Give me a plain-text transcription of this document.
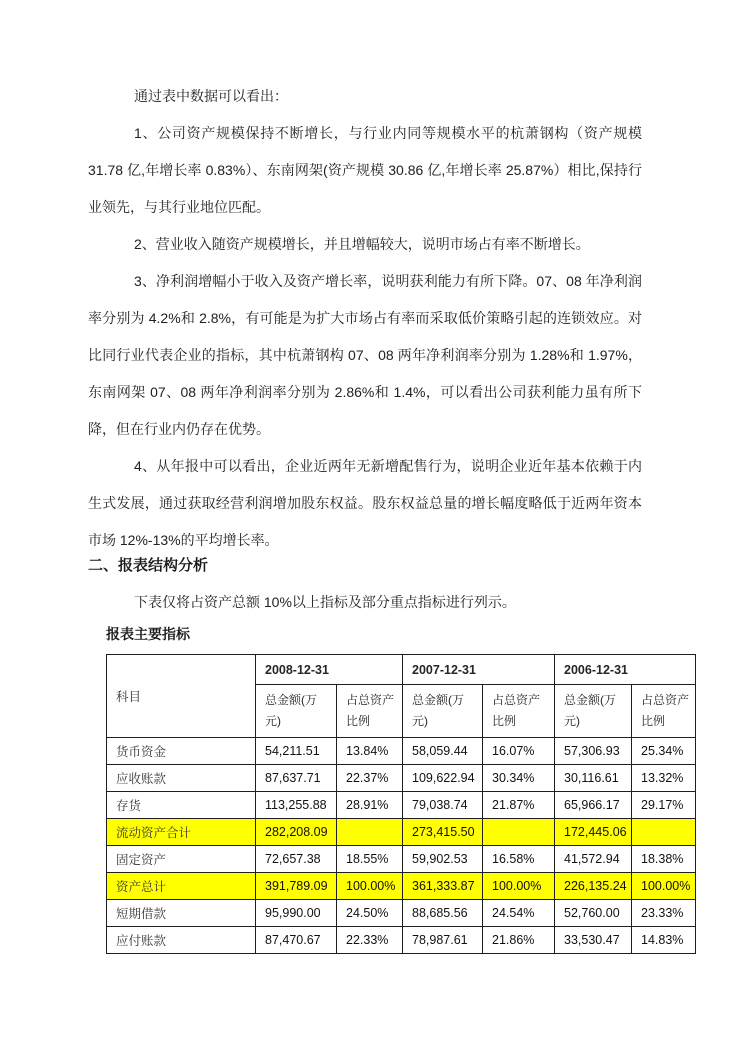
通过表中数据可以看出：

1、公司资产规模保持不断增长，与行业内同等规模水平的杭萧钢构（资产规模 31.78 亿,年增长率 0.83%）、东南网架(资产规模 30.86 亿,年增长率 25.87%）相比,保持行业领先，与其行业地位匹配。

2、营业收入随资产规模增长，并且增幅较大，说明市场占有率不断增长。

3、净利润增幅小于收入及资产增长率，说明获利能力有所下降。07、08 年净利润率分别为 4.2%和 2.8%，有可能是为扩大市场占有率而采取低价策略引起的连锁效应。对比同行业代表企业的指标，其中杭萧钢构 07、08 两年净利润率分别为 1.28%和 1.97%，东南网架 07、08 两年净利润率分别为 2.86%和 1.4%，可以看出公司获利能力虽有所下降，但在行业内仍存在优势。

4、从年报中可以看出，企业近两年无新增配售行为，说明企业近年基本依赖于内生式发展，通过获取经营利润增加股东权益。股东权益总量的增长幅度略低于近两年资本市场 12%-13%的平均增长率。

二、报表结构分析

下表仅将占资产总额 10%以上指标及部分重点指标进行列示。

报表主要指标
科目	2008-12-31		2007-12-31		2006-12-31	
	总金额(万元)	占总资产 比例	总金额(万元)	占总资产 比例	总金额(万元)	占总资产 比例
货币资金	54,211.51	13.84%	58,059.44	16.07%	57,306.93	25.34%
应收账款	87,637.71	22.37%	109,622.94	30.34%	30,116.61	13.32%
存货	113,255.88	28.91%	79,038.74	21.87%	65,966.17	29.17%
流动资产合计	282,208.09		273,415.50		172,445.06	
固定资产	72,657.38	18.55%	59,902.53	16.58%	41,572.94	18.38%
资产总计	391,789.09	100.00%	361,333.87	100.00%	226,135.24	100.00%
短期借款	95,990.00	24.50%	88,685.56	24.54%	52,760.00	23.33%
应付账款	87,470.67	22.33%	78,987.61	21.86%	33,530.47	14.83%
